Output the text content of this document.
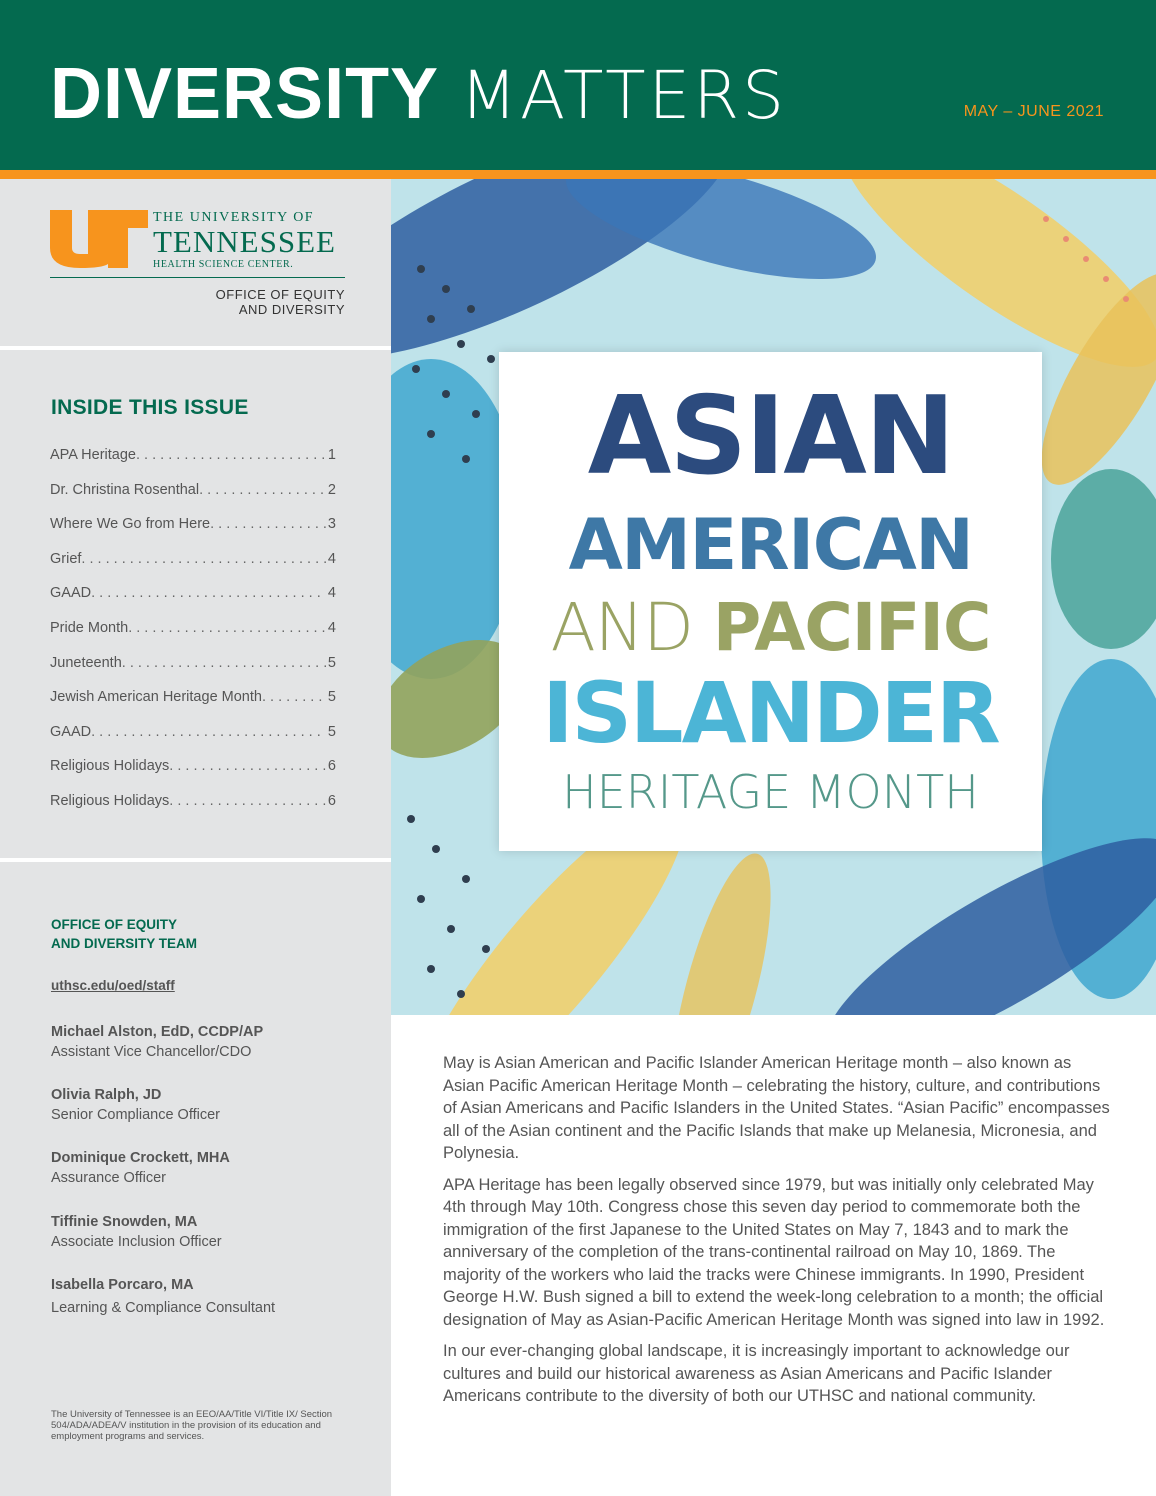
DIVERSITY MATTERS	MAY – JUNE 2021
THE UNIVERSITY OF
TENNESSEE
HEALTH SCIENCE CENTER.
OFFICE OF EQUITY
AND DIVERSITY
INSIDE THIS ISSUE
APA Heritage . . .	1
Dr. Christina Rosenthal . . .	2
Where We Go from Here . . .	3
Grief . . .	4
GAAD . . .	4
Pride Month . . .	4
Juneteenth . . .	5
Jewish American Heritage Month . . .	5
GAAD . . .	5
Religious Holidays . . .	6
Religious Holidays . . .	6
OFFICE OF EQUITY
AND DIVERSITY TEAM
uthsc.edu/oed/staff
Michael Alston, EdD, CCDP/AP
Assistant Vice Chancellor/CDO
Olivia Ralph, JD
Senior Compliance Officer
Dominique Crockett, MHA
Assurance Officer
Tiffinie Snowden, MA
Associate Inclusion Officer
Isabella Porcaro, MA
Learning & Compliance Consultant
The University of Tennessee is an EEO/AA/Title VI/Title IX/ Section 504/ADA/ADEA/V institution in the provision of its education and employment programs and services.
ASIAN
AMERICAN
AND PACIFIC
ISLANDER
HERITAGE MONTH

May is Asian American and Pacific Islander American Heritage month – also known as Asian Pacific American Heritage Month – celebrating the history, culture, and contributions of Asian Americans and Pacific Islanders in the United States. “Asian Pacific” encompasses all of the Asian continent and the Pacific Islands that make up Melanesia, Micronesia, and Polynesia.

APA Heritage has been legally observed since 1979, but was initially only celebrated May 4th through May 10th. Congress chose this seven day period to commemorate both the immigration of the first Japanese to the United States on May 7, 1843 and to mark the anniversary of the completion of the trans-continental railroad on May 10, 1869. The majority of the workers who laid the tracks were Chinese immigrants. In 1990, President George H.W. Bush signed a bill to extend the week-long celebration to a month; the official designation of May as Asian-Pacific American Heritage Month was signed into law in 1992.

In our ever-changing global landscape, it is increasingly important to acknowledge our cultures and build our historical awareness as Asian Americans and Pacific Islander Americans contribute to the diversity of both our UTHSC and national community.
